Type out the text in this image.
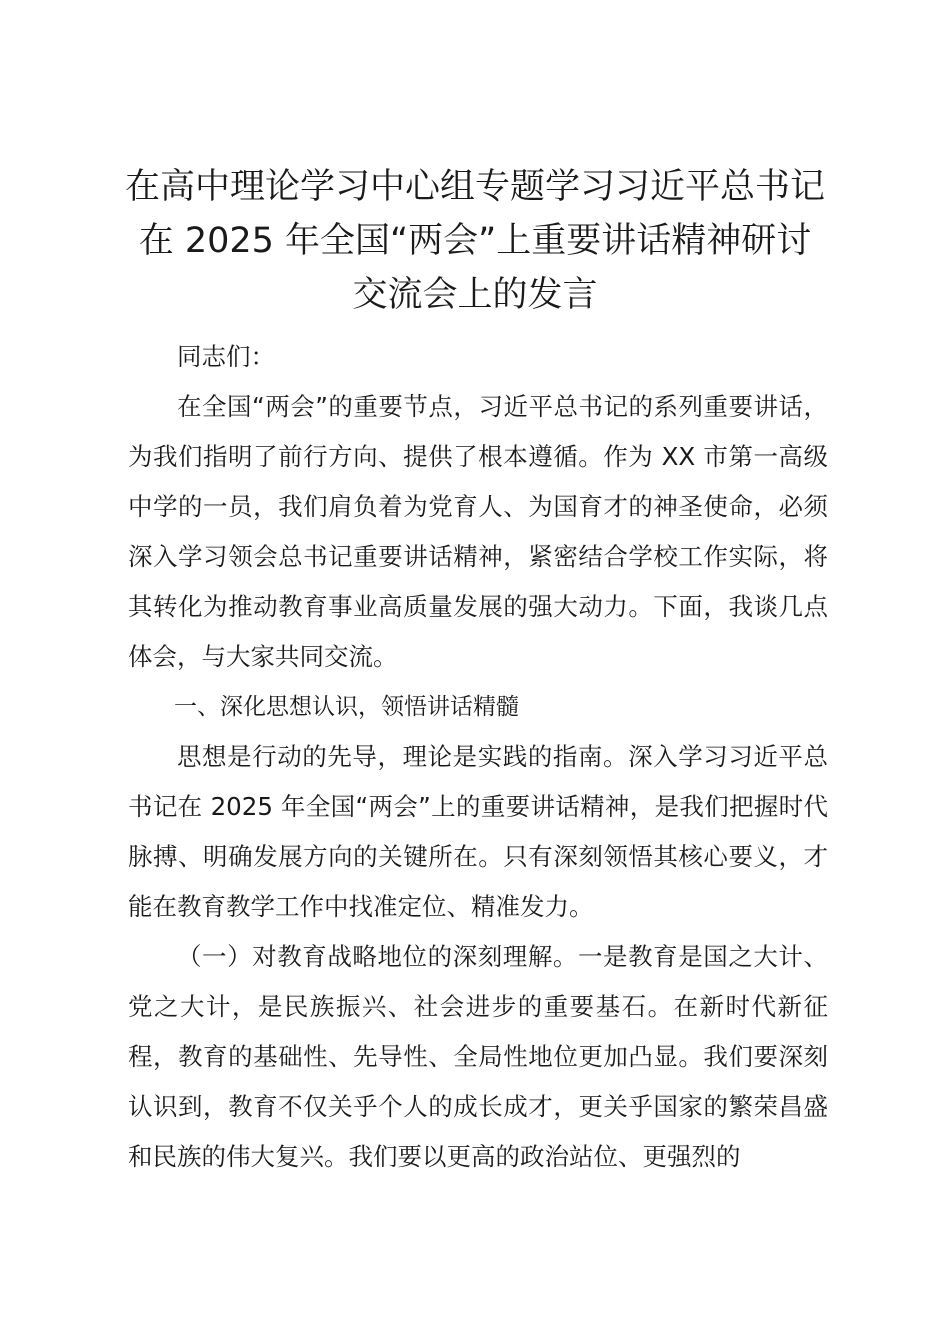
在高中理论学习中心组专题学习习近平总书记
在 2025 年全国“两会”上重要讲话精神研讨
交流会上的发言

同志们：

在全国“两会”的重要节点，习近平总书记的系列重要讲话，为我们指明了前行方向、提供了根本遵循。作为 XX 市第一高级中学的一员，我们肩负着为党育人、为国育才的神圣使命，必须深入学习领会总书记重要讲话精神，紧密结合学校工作实际，将其转化为推动教育事业高质量发展的强大动力。下面，我谈几点体会，与大家共同交流。

一、深化思想认识，领悟讲话精髓

思想是行动的先导，理论是实践的指南。深入学习习近平总书记在 2025 年全国“两会”上的重要讲话精神，是我们把握时代脉搏、明确发展方向的关键所在。只有深刻领悟其核心要义，才能在教育教学工作中找准定位、精准发力。

（一）对教育战略地位的深刻理解。一是教育是国之大计、党之大计，是民族振兴、社会进步的重要基石。在新时代新征程，教育的基础性、先导性、全局性地位更加凸显。我们要深刻认识到，教育不仅关乎个人的成长成才，更关乎国家的繁荣昌盛和民族的伟大复兴。我们要以更高的政治站位、更强烈的
